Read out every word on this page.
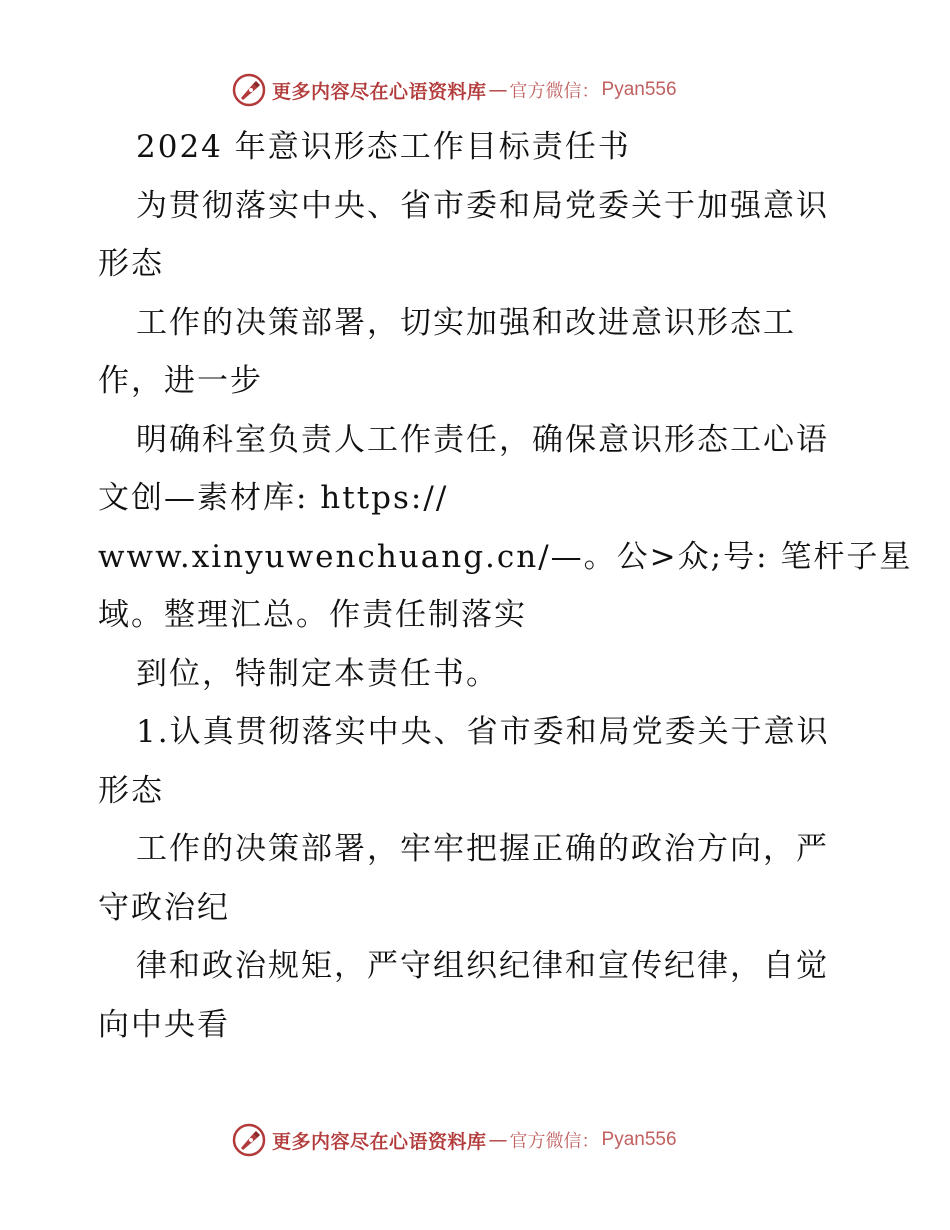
更多内容尽在心语资料库 — 官方微信： Pyan556
2024 年意识形态工作目标责任书
为贯彻落实中央、省市委和局党委关于加强意识
形态
工作的决策部署，切实加强和改进意识形态工
作，进一步
明确科室负责人工作责任，确保意识形态工心语
文创—素材库: https://
www.xinyuwenchuang.cn/—。公>众;号: 笔杆子星
域。整理汇总。作责任制落实
到位，特制定本责任书。
1.认真贯彻落实中央、省市委和局党委关于意识
形态
工作的决策部署，牢牢把握正确的政治方向，严
守政治纪
律和政治规矩，严守组织纪律和宣传纪律，自觉
向中央看
更多内容尽在心语资料库 — 官方微信： Pyan556
